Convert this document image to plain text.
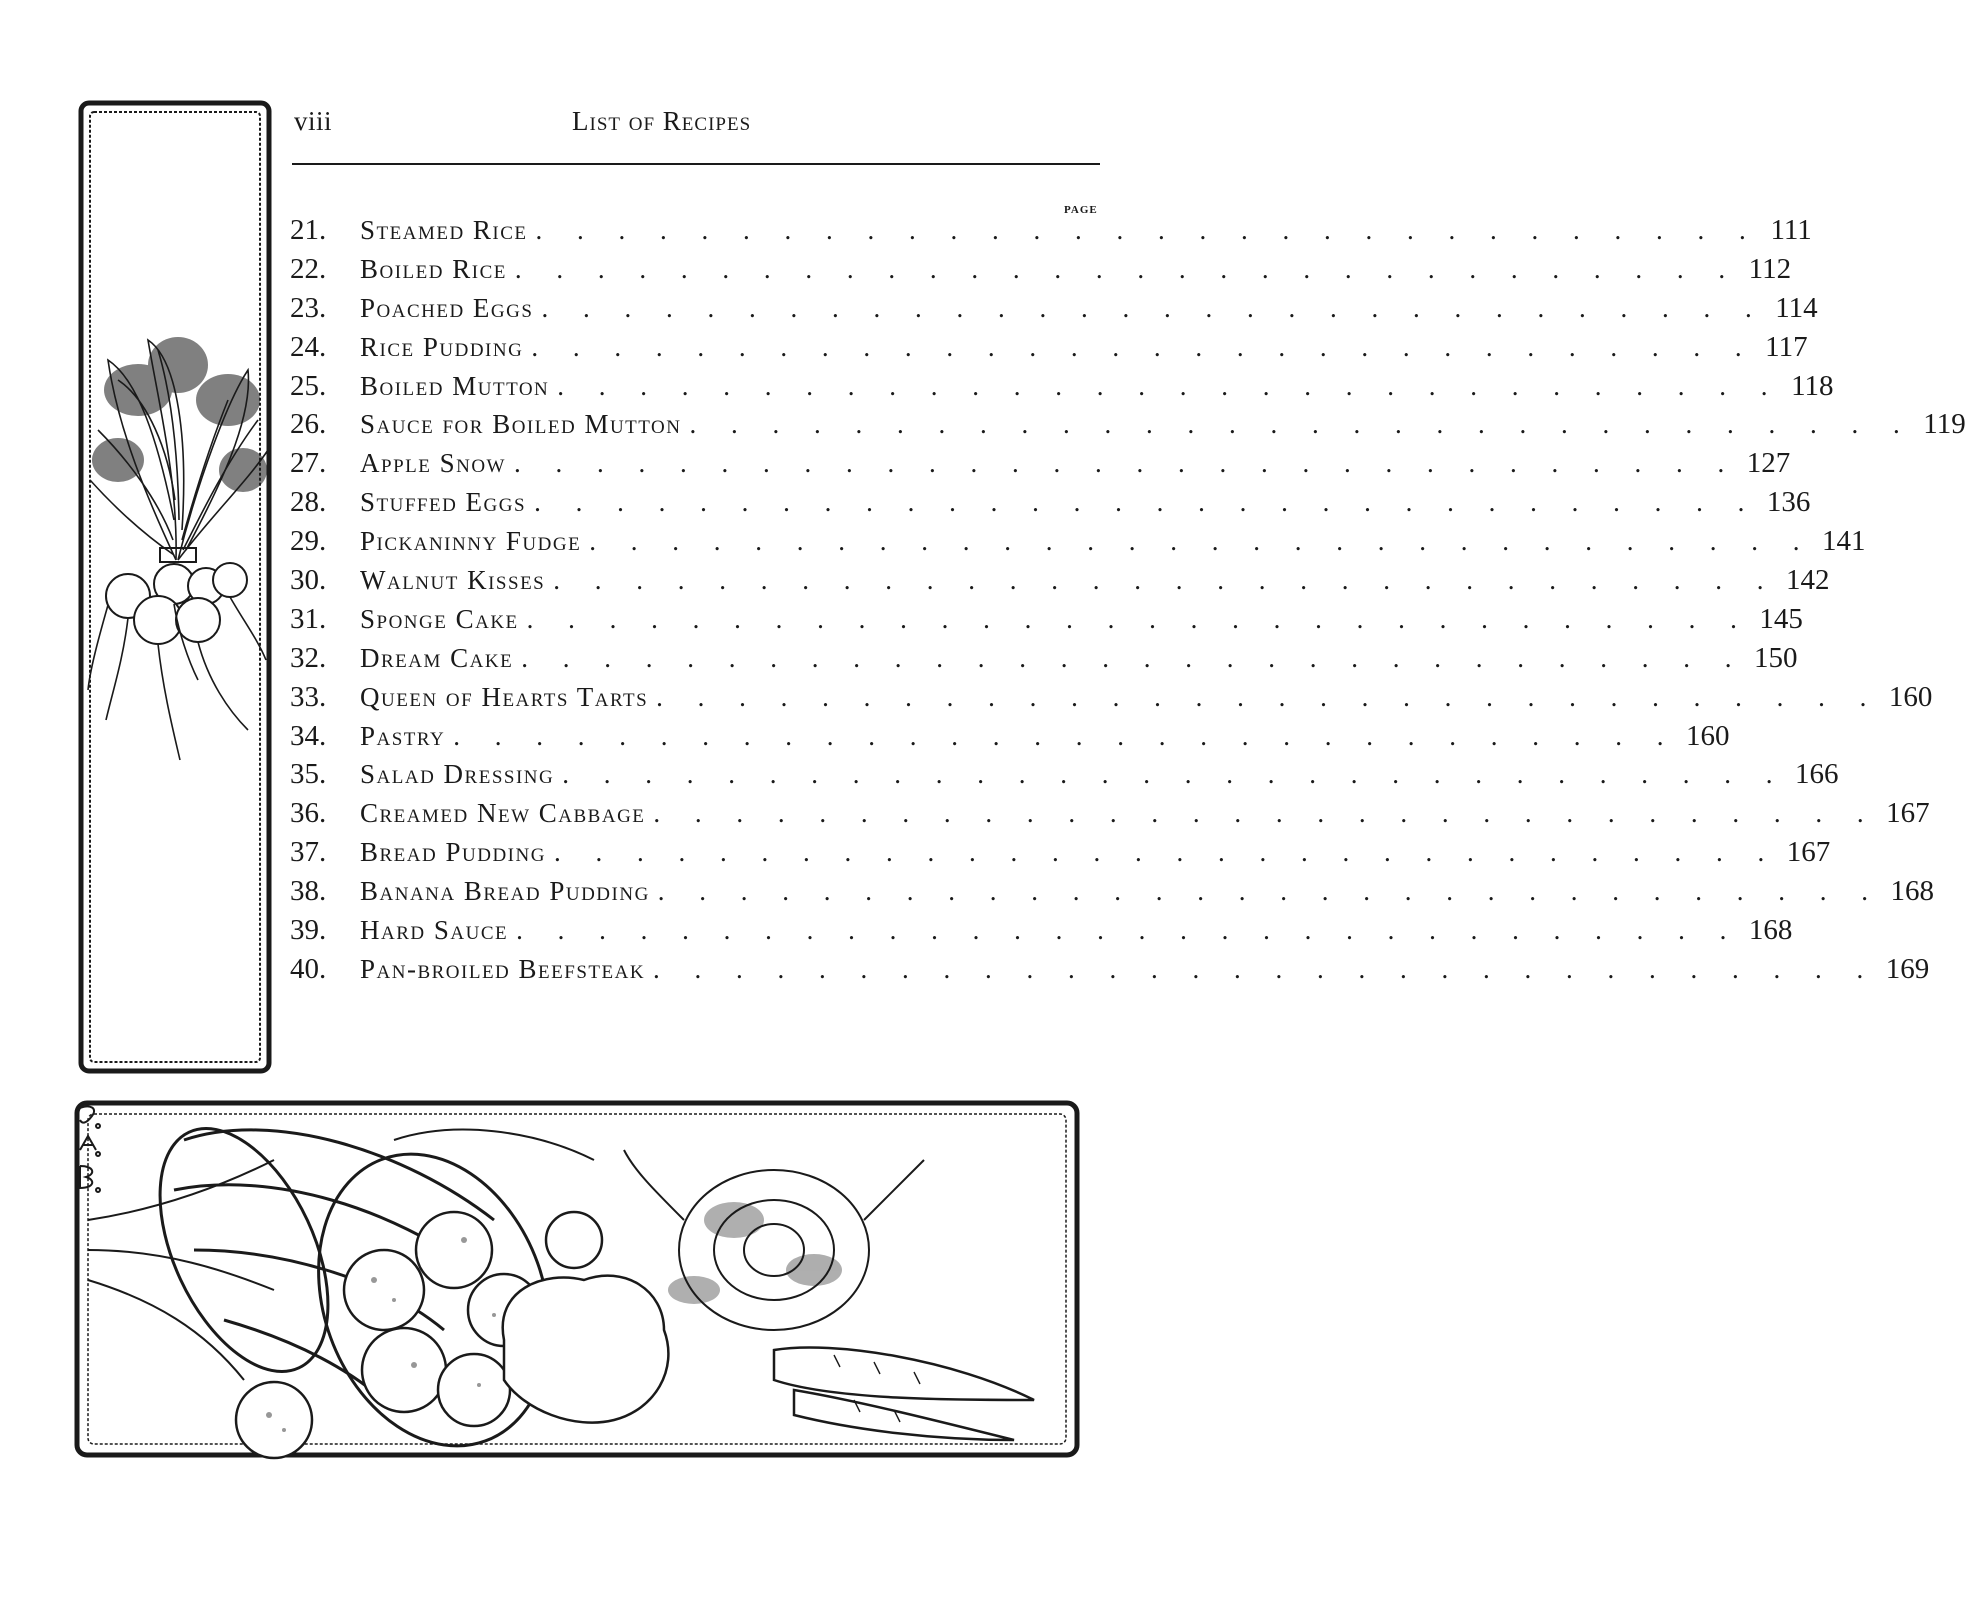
viii	List of Recipes
PAGE
21.	Steamed Rice . . . . . . . . . . . . . . . . . . . . . . . . . . . . . . 111
22.	Boiled Rice . . . . . . . . . . . . . . . . . . . . . . . . . . . . . . 112
23.	Poached Eggs . . . . . . . . . . . . . . . . . . . . . . . . . . . . . . 114
24.	Rice Pudding . . . . . . . . . . . . . . . . . . . . . . . . . . . . . . 117
25.	Boiled Mutton . . . . . . . . . . . . . . . . . . . . . . . . . . . . . . 118
26.	Sauce for Boiled Mutton . . . . . . . . . . . . . . . . . . . . . . . . . . . . . . 119
27.	Apple Snow . . . . . . . . . . . . . . . . . . . . . . . . . . . . . . 127
28.	Stuffed Eggs . . . . . . . . . . . . . . . . . . . . . . . . . . . . . . 136
29.	Pickaninny Fudge . . . . . . . . . . . . . . . . . . . . . . . . . . . . . . 141
30.	Walnut Kisses . . . . . . . . . . . . . . . . . . . . . . . . . . . . . . 142
31.	Sponge Cake . . . . . . . . . . . . . . . . . . . . . . . . . . . . . . 145
32.	Dream Cake . . . . . . . . . . . . . . . . . . . . . . . . . . . . . . 150
33.	Queen of Hearts Tarts . . . . . . . . . . . . . . . . . . . . . . . . . . . . . . 160
34.	Pastry . . . . . . . . . . . . . . . . . . . . . . . . . . . . . . 160
35.	Salad Dressing . . . . . . . . . . . . . . . . . . . . . . . . . . . . . . 166
36.	Creamed New Cabbage . . . . . . . . . . . . . . . . . . . . . . . . . . . . . . 167
37.	Bread Pudding . . . . . . . . . . . . . . . . . . . . . . . . . . . . . . 167
38.	Banana Bread Pudding . . . . . . . . . . . . . . . . . . . . . . . . . . . . . . 168
39.	Hard Sauce . . . . . . . . . . . . . . . . . . . . . . . . . . . . . . 168
40.	Pan-broiled Beefsteak . . . . . . . . . . . . . . . . . . . . . . . . . . . . . . 169
